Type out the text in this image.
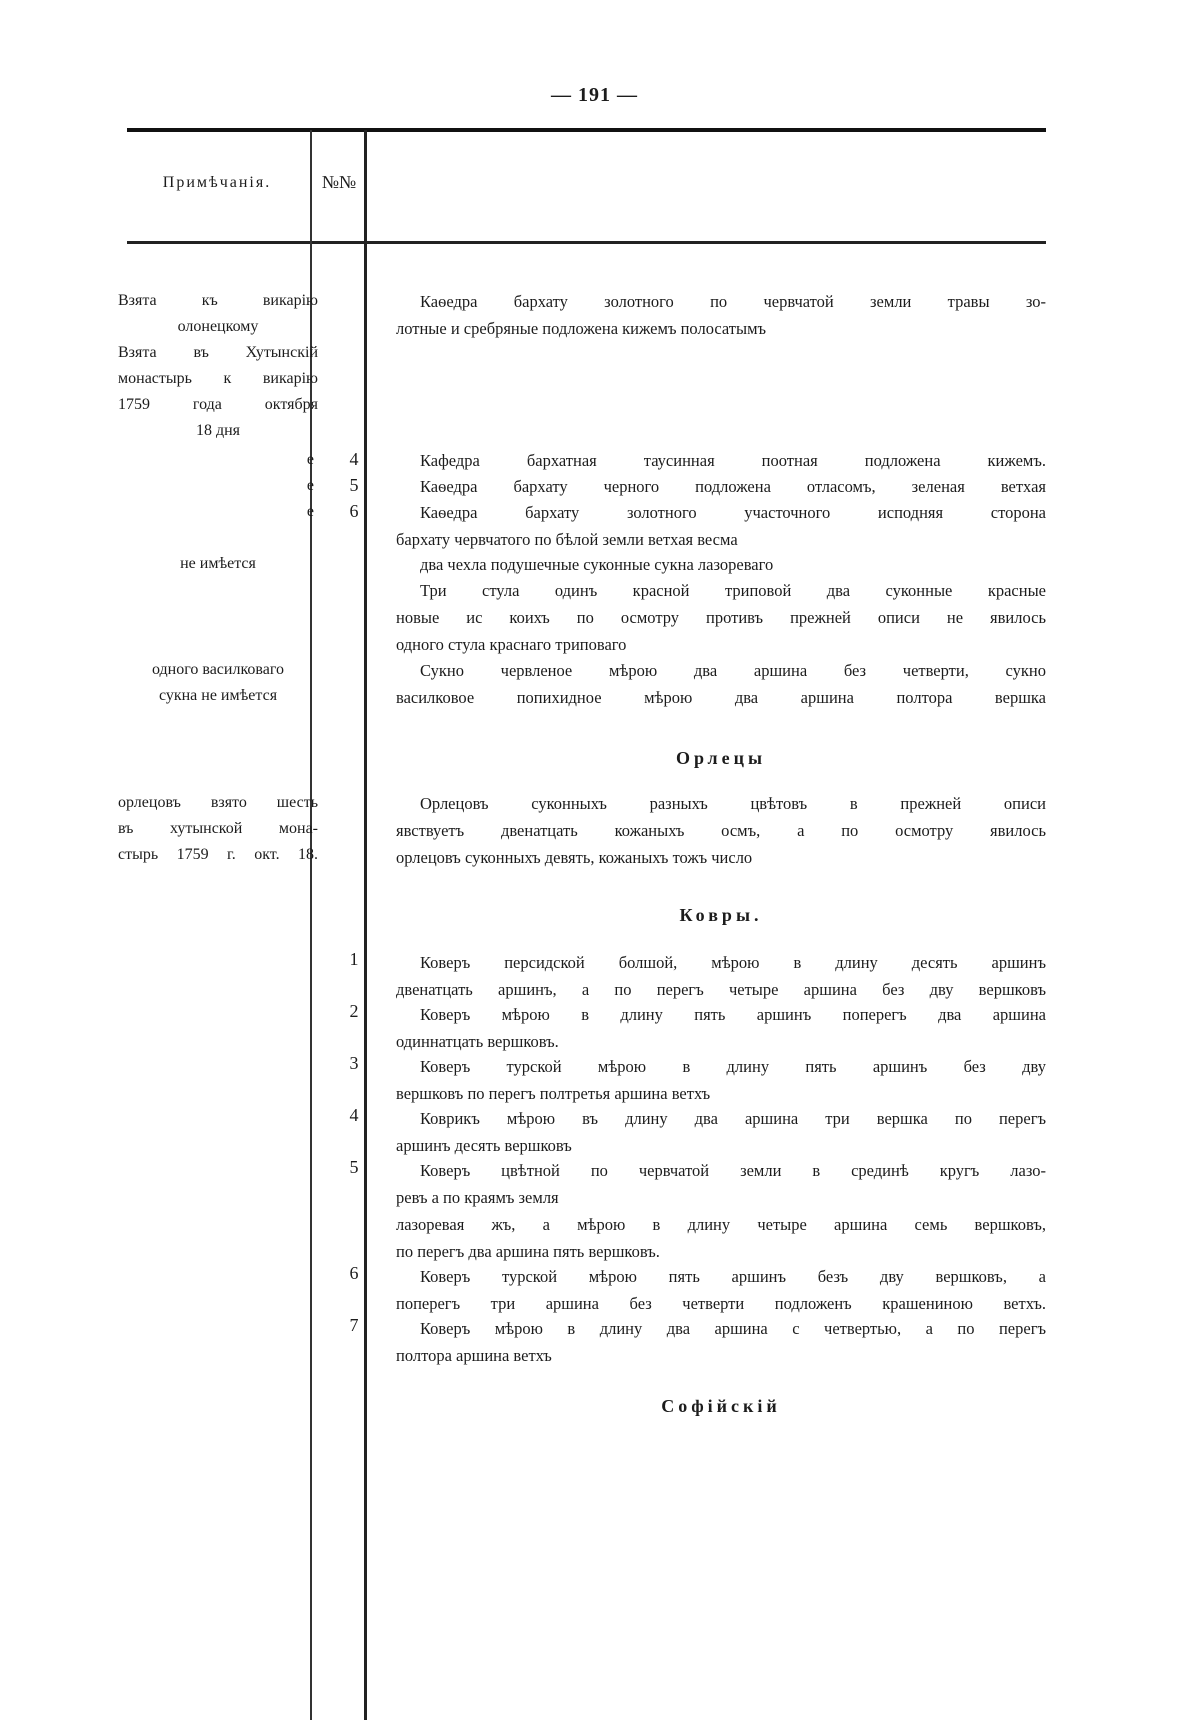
— 191 —
Примѣчанія.	№№
Взята къ викарію
олонецкому
Взята въ Хутынскій
монастырь к викарію
1759 года октября
18 дня
е
е
е
не имѣется
одного василковаго
сукна не имѣется
орлецовъ взято шесть
въ хутынской мона-
стырь 1759 г. окт. 18.
4
5
6
1
2
3
4
5
6
7
Каѳедра бархату золотного по червчатой земли травы зо-
лотные и сребряные подложена кижемъ полосатымъ
Кафедра бархатная таусинная поотная подложена кижемъ.
Каѳедра бархату черного подложена отласомъ, зеленая ветхая
Каѳедра бархату золотного участочного исподняя сторона
бархату червчатого по бѣлой земли ветхая весма
два чехла подушечные суконные сукна лазореваго
Три стула одинъ красной триповой два суконные красные
новые ис коихъ по осмотру противъ прежней описи не явилось
одного стула краснаго триповаго
Сукно червленое мѣрою два аршина без четверти, сукно
василковое попихидное мѣрою два аршина полтора вершка
Орлецы
Орлецовъ суконныхъ разныхъ цвѣтовъ в прежней описи
явствуетъ двенатцать кожаныхъ осмъ, а по осмотру явилось
орлецовъ суконныхъ девять, кожаныхъ тожъ число
Ковры.
Коверъ персидской болшой, мѣрою в длину десять аршинъ
двенатцать аршинъ, а по перегъ четыре аршина без дву вершковъ
Коверъ мѣрою в длину пять аршинъ поперегъ два аршина
одиннатцать вершковъ.
Коверъ турской мѣрою в длину пять аршинъ без дву
вершковъ по перегъ полтретья аршина ветхъ
Коврикъ мѣрою въ длину два аршина три вершка по перегъ
аршинъ десять вершковъ
Коверъ цвѣтной по червчатой земли в срединѣ кругъ лазо-
ревъ а по краямъ земля
лазоревая жъ, а мѣрою в длину четыре аршина семь вершковъ,
по перегъ два аршина пять вершковъ.
Коверъ турской мѣрою пять аршинъ безъ дву вершковъ, а
поперегъ три аршина без четверти подложенъ крашениною ветхъ.
Коверъ мѣрою в длину два аршина с четвертью, а по перегъ
полтора аршина ветхъ
Софійскій
